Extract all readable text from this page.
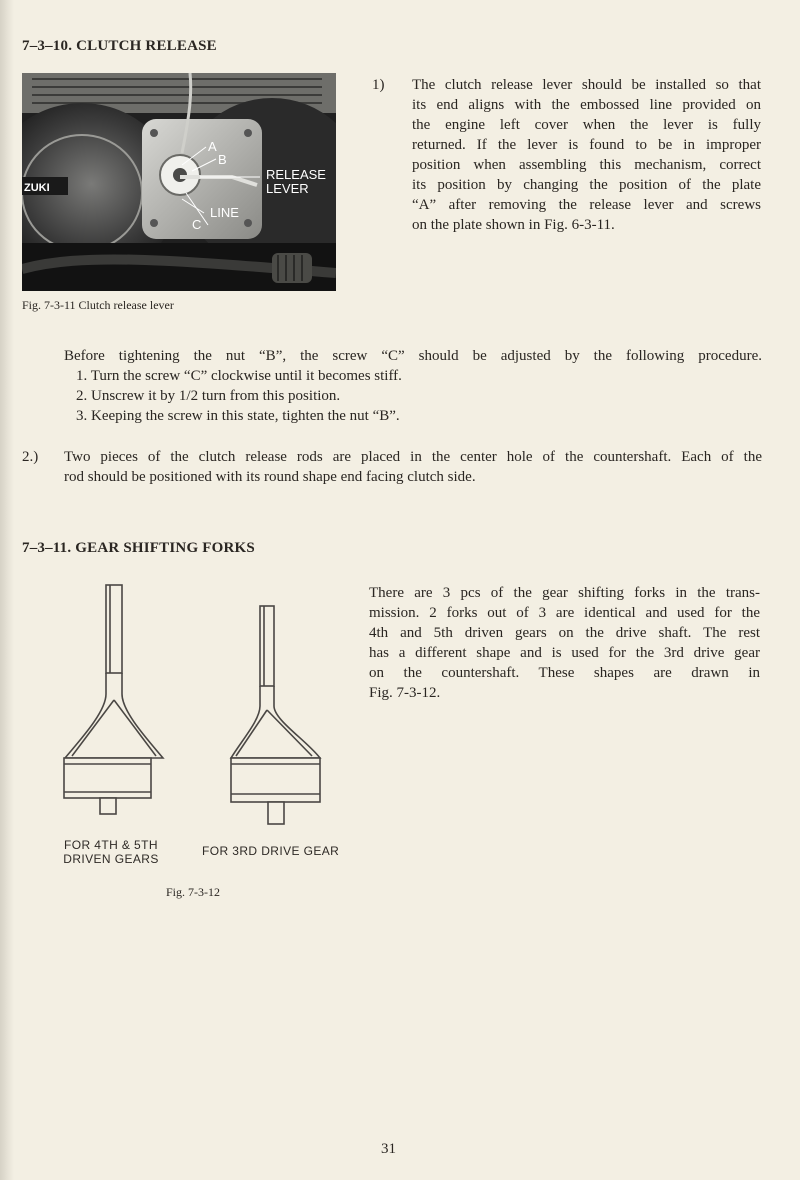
7–3–10. CLUTCH RELEASE
A
B
RELEASE
LEVER
LINE
C
ZUKI
Fig. 7-3-11 Clutch release lever
1) The clutch release lever should be installed so that
its end aligns with the embossed line provided on
the engine left cover when the lever is fully
returned. If the lever is found to be in improper
position when assembling this mechanism, correct
its position by changing the position of the plate
“A” after removing the release lever and screws
on the plate shown in Fig. 6-3-11.
Before tightening the nut “B”, the screw “C” should be adjusted by the following procedure.
1. Turn the screw “C” clockwise until it becomes stiff.
2. Unscrew it by 1/2 turn from this position.
3. Keeping the screw in this state, tighten the nut “B”.
2.) Two pieces of the clutch release rods are placed in the center hole of the countershaft. Each of the
rod should be positioned with its round shape end facing clutch side.
7–3–11. GEAR SHIFTING FORKS
There are 3 pcs of the gear shifting forks in the trans-
mission. 2 forks out of 3 are identical and used for the
4th and 5th driven gears on the drive shaft. The rest
has a different shape and is used for the 3rd drive gear
on the countershaft. These shapes are drawn in
Fig. 7-3-12.
FOR 4TH & 5TH
DRIVEN GEARS
FOR 3RD DRIVE GEAR
Fig. 7-3-12
31
